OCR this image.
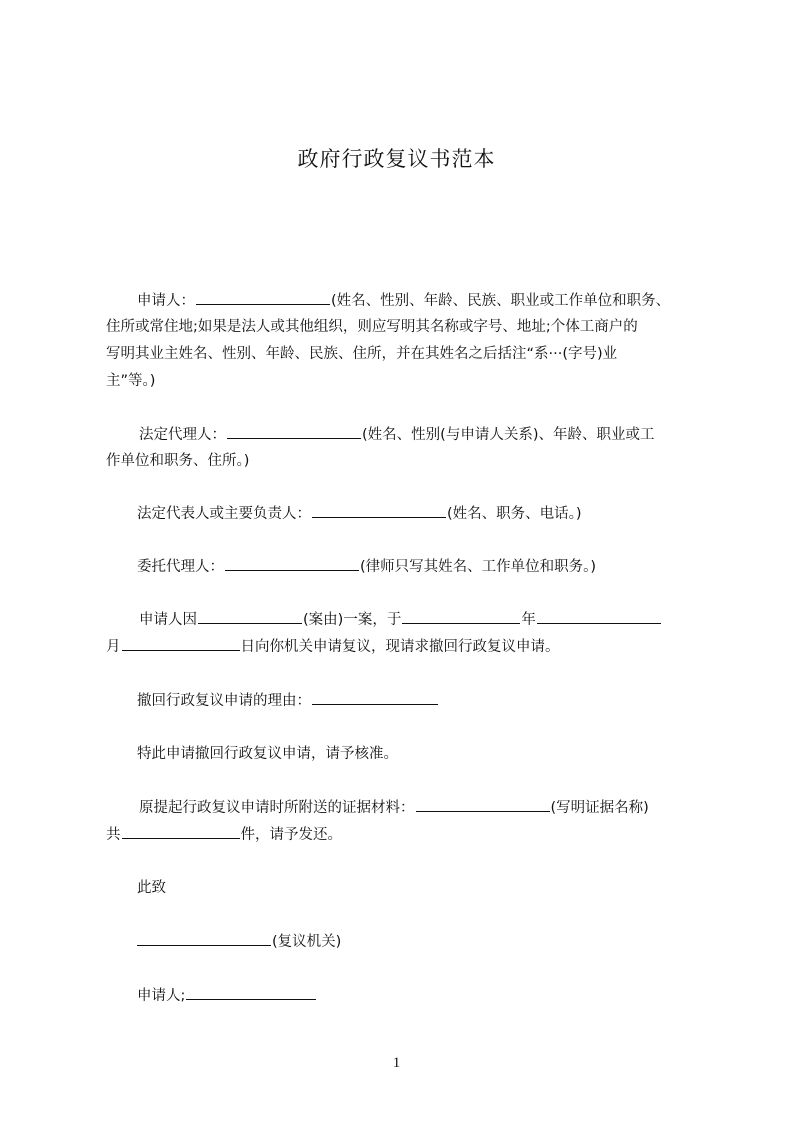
政府行政复议书范本
申请人：	(姓名、性别、年龄、民族、职业或工作单位和职务、
住所或常住地;如果是法人或其他组织，则应写明其名称或字号、地址;个体工商户的
写明其业主姓名、性别、年龄、民族、住所，并在其姓名之后括注“系···(字号)业
主”等。)
法定代理人：	(姓名、性别(与申请人关系)、年龄、职业或工
作单位和职务、住所。)
法定代表人或主要负责人：	(姓名、职务、电话。)
委托代理人：	(律师只写其姓名、工作单位和职务。)
申请人因	(案由)一案，于	年
月	日向你机关申请复议，现请求撤回行政复议申请。
撤回行政复议申请的理由：
特此申请撤回行政复议申请，请予核准。
原提起行政复议申请时所附送的证据材料：	(写明证据名称)
共	件，请予发还。
此致
(复议机关)
申请人;
1
